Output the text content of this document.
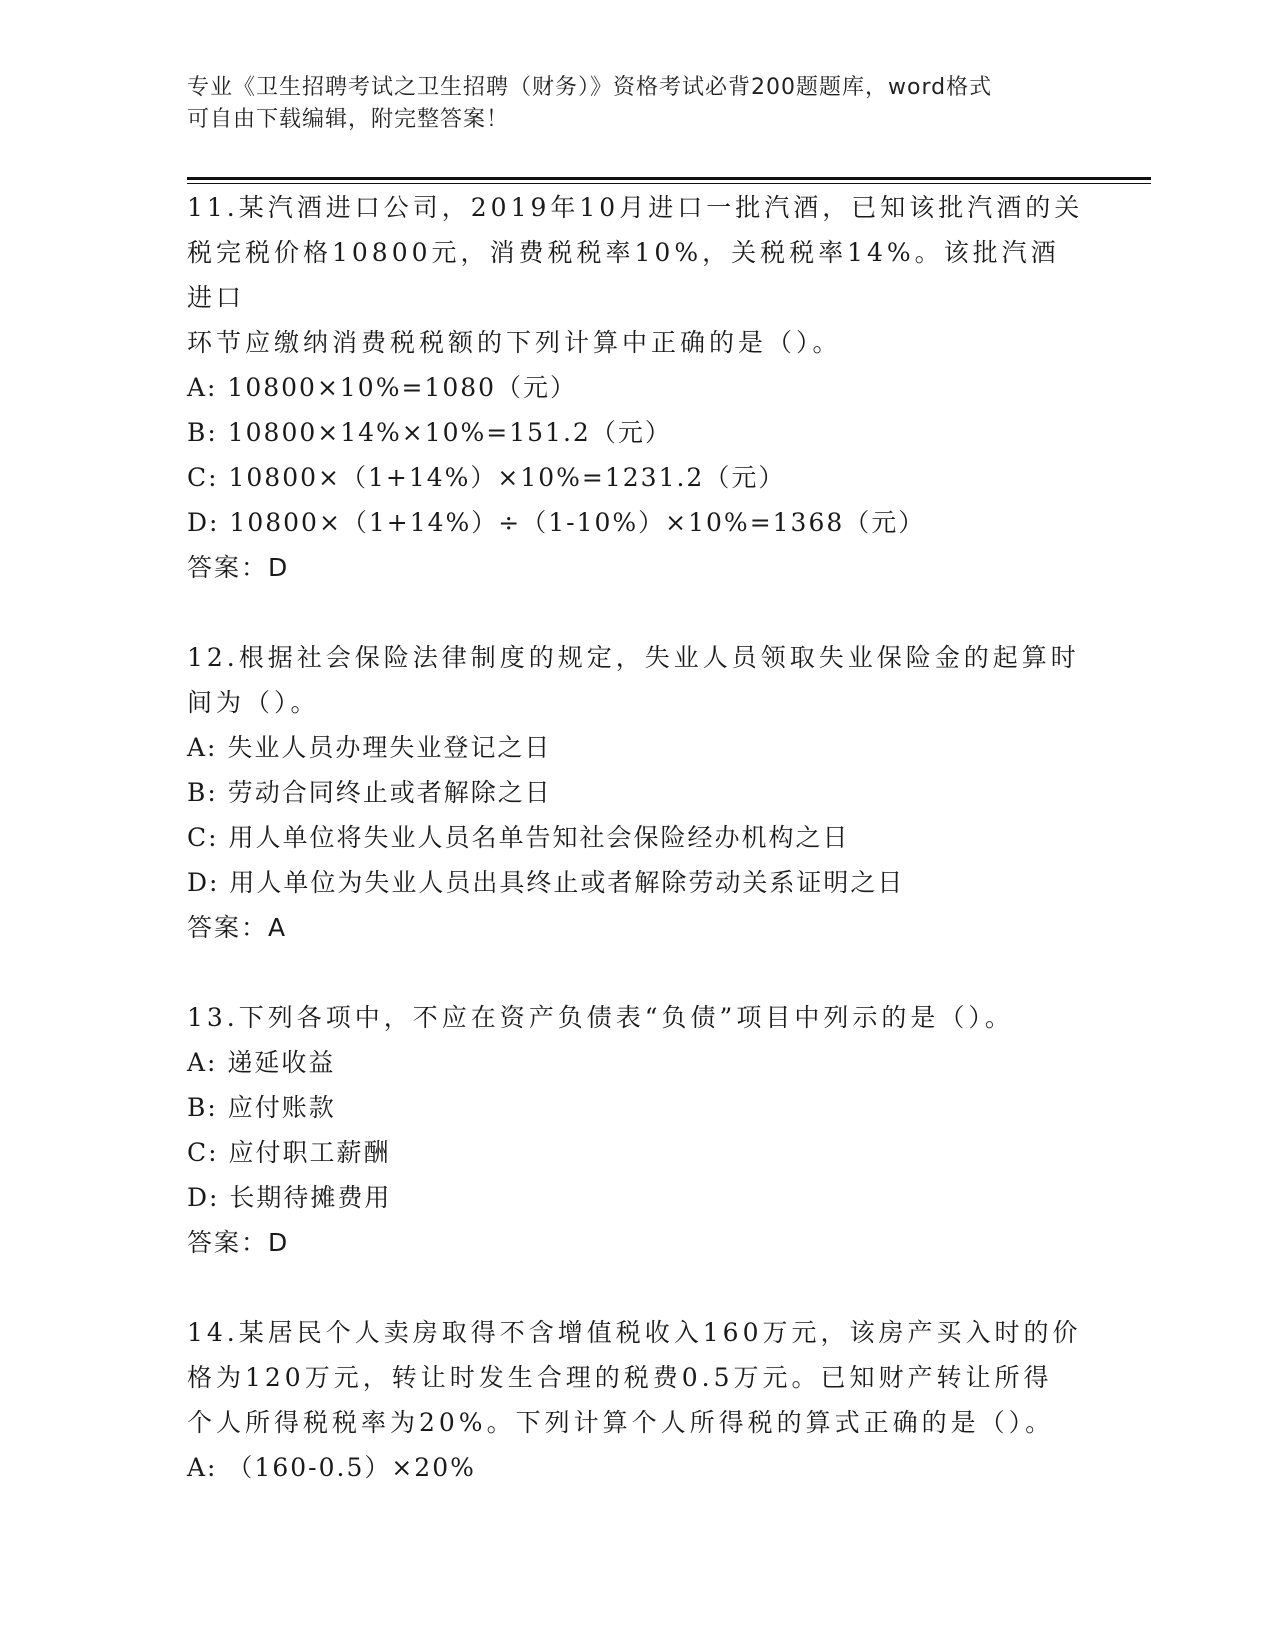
专业《卫生招聘考试之卫生招聘（财务）》资格考试必背200题题库，word格式
可自由下载编辑，附完整答案！

11.某汽酒进口公司，2019年10月进口一批汽酒，已知该批汽酒的关

税完税价格10800元，消费税税率10%，关税税率14%。该批汽酒进口

环节应缴纳消费税税额的下列计算中正确的是（）。

A: 10800×10%=1080（元）

B: 10800×14%×10%=151.2（元）

C: 10800×（1+14%）×10%=1231.2（元）

D: 10800×（1+14%）÷（1-10%）×10%=1368（元）

答案：D

12.根据社会保险法律制度的规定，失业人员领取失业保险金的起算时

间为（）。

A: 失业人员办理失业登记之日

B: 劳动合同终止或者解除之日

C: 用人单位将失业人员名单告知社会保险经办机构之日

D: 用人单位为失业人员出具终止或者解除劳动关系证明之日

答案：A

13.下列各项中，不应在资产负债表“负债”项目中列示的是（）。

A: 递延收益

B: 应付账款

C: 应付职工薪酬

D: 长期待摊费用

答案：D

14.某居民个人卖房取得不含增值税收入160万元，该房产买入时的价

格为120万元，转让时发生合理的税费0.5万元。已知财产转让所得

个人所得税税率为20%。下列计算个人所得税的算式正确的是（）。

A: （160-0.5）×20%
